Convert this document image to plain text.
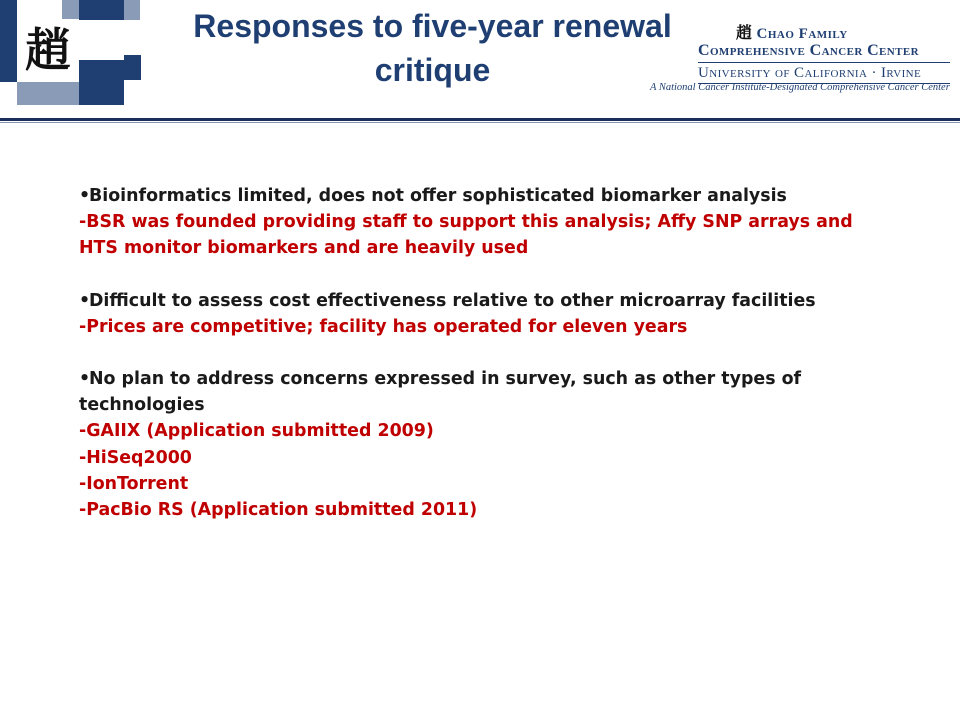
趙	Responses to five-year renewal
critique
趙 Chao Family
Comprehensive Cancer Center
University of California · Irvine
A National Cancer Institute-Designated Comprehensive Cancer Center

•Bioinformatics limited, does not offer sophisticated biomarker analysis

-BSR was founded providing staff to support this analysis; Affy SNP arrays and HTS monitor biomarkers and are heavily used

•Difficult to assess cost effectiveness relative to other microarray facilities

-Prices are competitive; facility has operated for eleven years

•No plan to address concerns expressed in survey, such as other types of technologies

-GAIIX (Application submitted 2009)

-HiSeq2000

-IonTorrent

-PacBio RS (Application submitted 2011)
